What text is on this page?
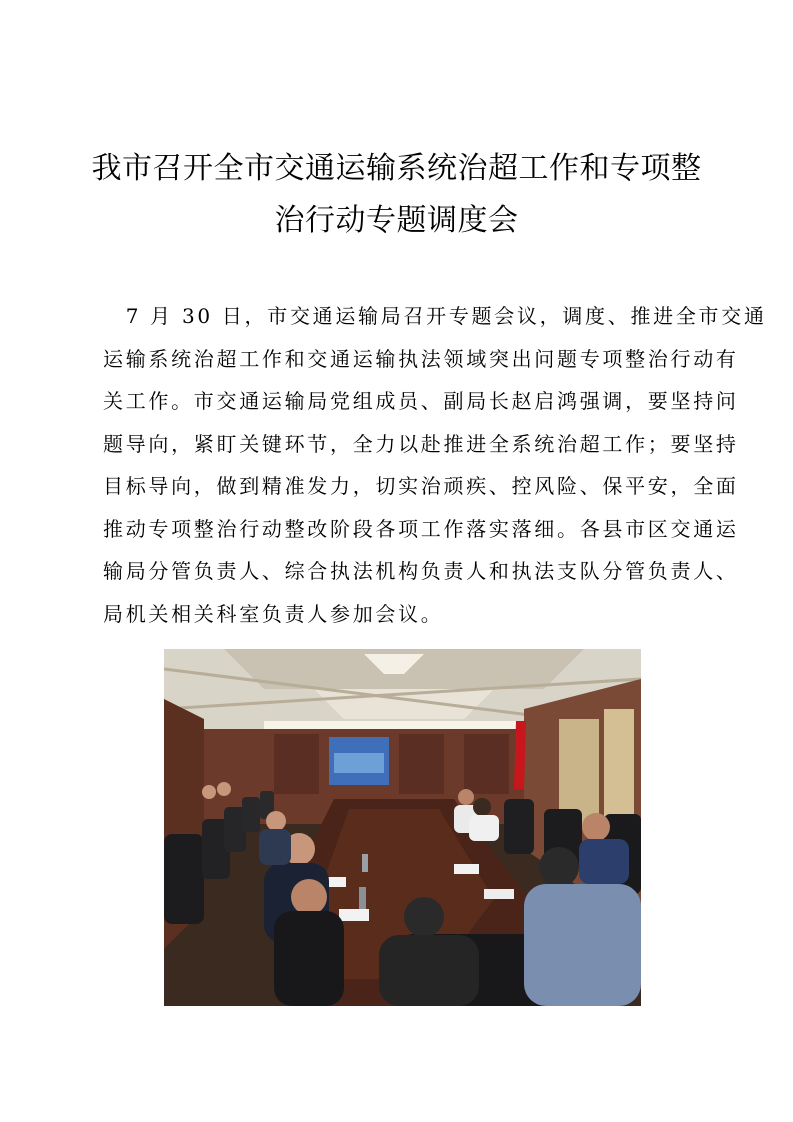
我市召开全市交通运输系统治超工作和专项整
治行动专题调度会
　7 月 30 日，市交通运输局召开专题会议，调度、推进全市交通
运输系统治超工作和交通运输执法领域突出问题专项整治行动有
关工作。市交通运输局党组成员、副局长赵启鸿强调，要坚持问
题导向，紧盯关键环节，全力以赴推进全系统治超工作；要坚持
目标导向，做到精准发力，切实治顽疾、控风险、保平安，全面
推动专项整治行动整改阶段各项工作落实落细。各县市区交通运
输局分管负责人、综合执法机构负责人和执法支队分管负责人、
局机关相关科室负责人参加会议。
